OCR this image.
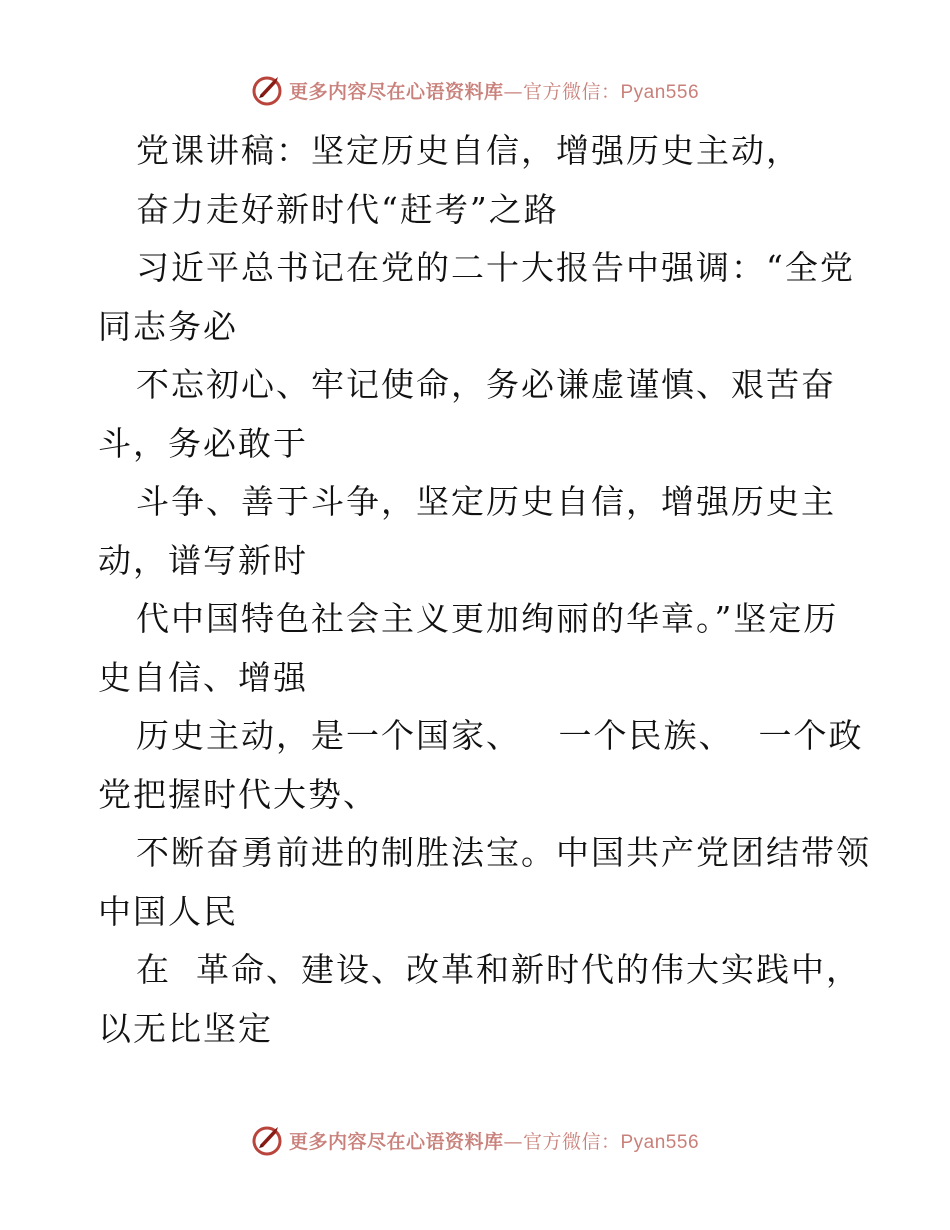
更多内容尽在心语资料库—官方微信：Pyan556

党课讲稿：坚定历史自信，增强历史主动，

奋力走好新时代“赶考”之路

习近平总书记在党的二十大报告中强调：“全党

同志务必

不忘初心、牢记使命，务必谦虚谨慎、艰苦奋

斗，务必敢于

斗争、善于斗争，坚定历史自信，增强历史主

动，谱写新时

代中国特色社会主义更加绚丽的华章。”坚定历

史自信、增强

历史主动，是一个国家、   一个民族、  一个政

党把握时代大势、

不断奋勇前进的制胜法宝。中国共产党团结带领

中国人民

在  革命、建设、改革和新时代的伟大实践中，

以无比坚定

更多内容尽在心语资料库—官方微信：Pyan556
